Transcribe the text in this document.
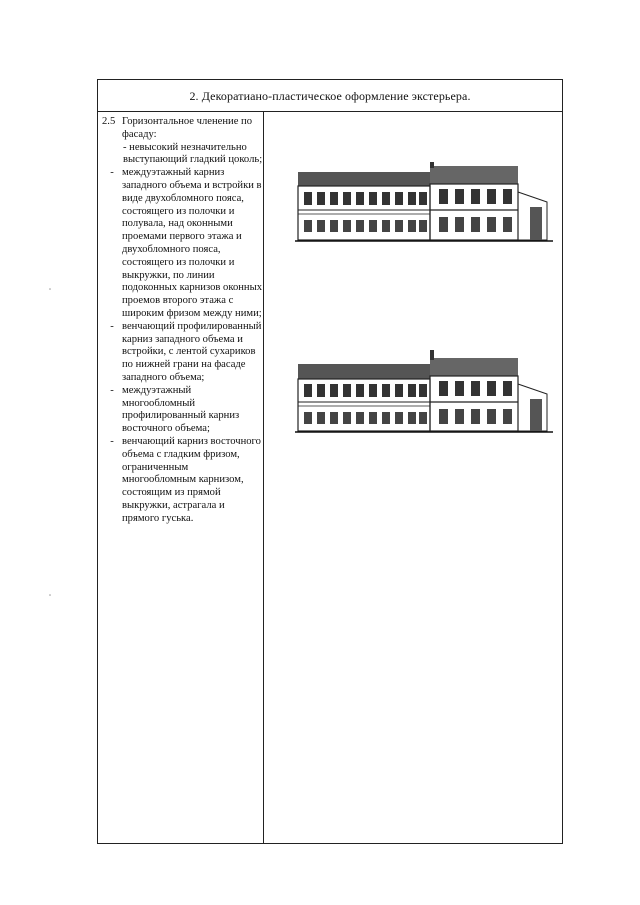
2. Декоратиано-пластическое оформление экстерьера.
2.5 Горизонтальное членение по фасаду:
- невысокий незначительно выступающий гладкий цоколь;
- междуэтажный карниз западного объема и встройки в виде двухобломного пояса, состоящего из полочки и полувала, над оконными проемами первого этажа и двухобломного пояса, состоящего из полочки и выкружки, по линии подоконных карнизов оконных проемов второго этажа с широким фризом между ними;
- венчающий профилированный карниз западного объема и встройки, с лентой сухариков по нижней грани на фасаде западного объема;
- междуэтажный многообломный профилированный карниз восточного объема;
- венчающий карниз восточного объема с гладким фризом, ограниченным многообломным карнизом, состоящим из прямой выкружки, астрагала и прямого гуська.
